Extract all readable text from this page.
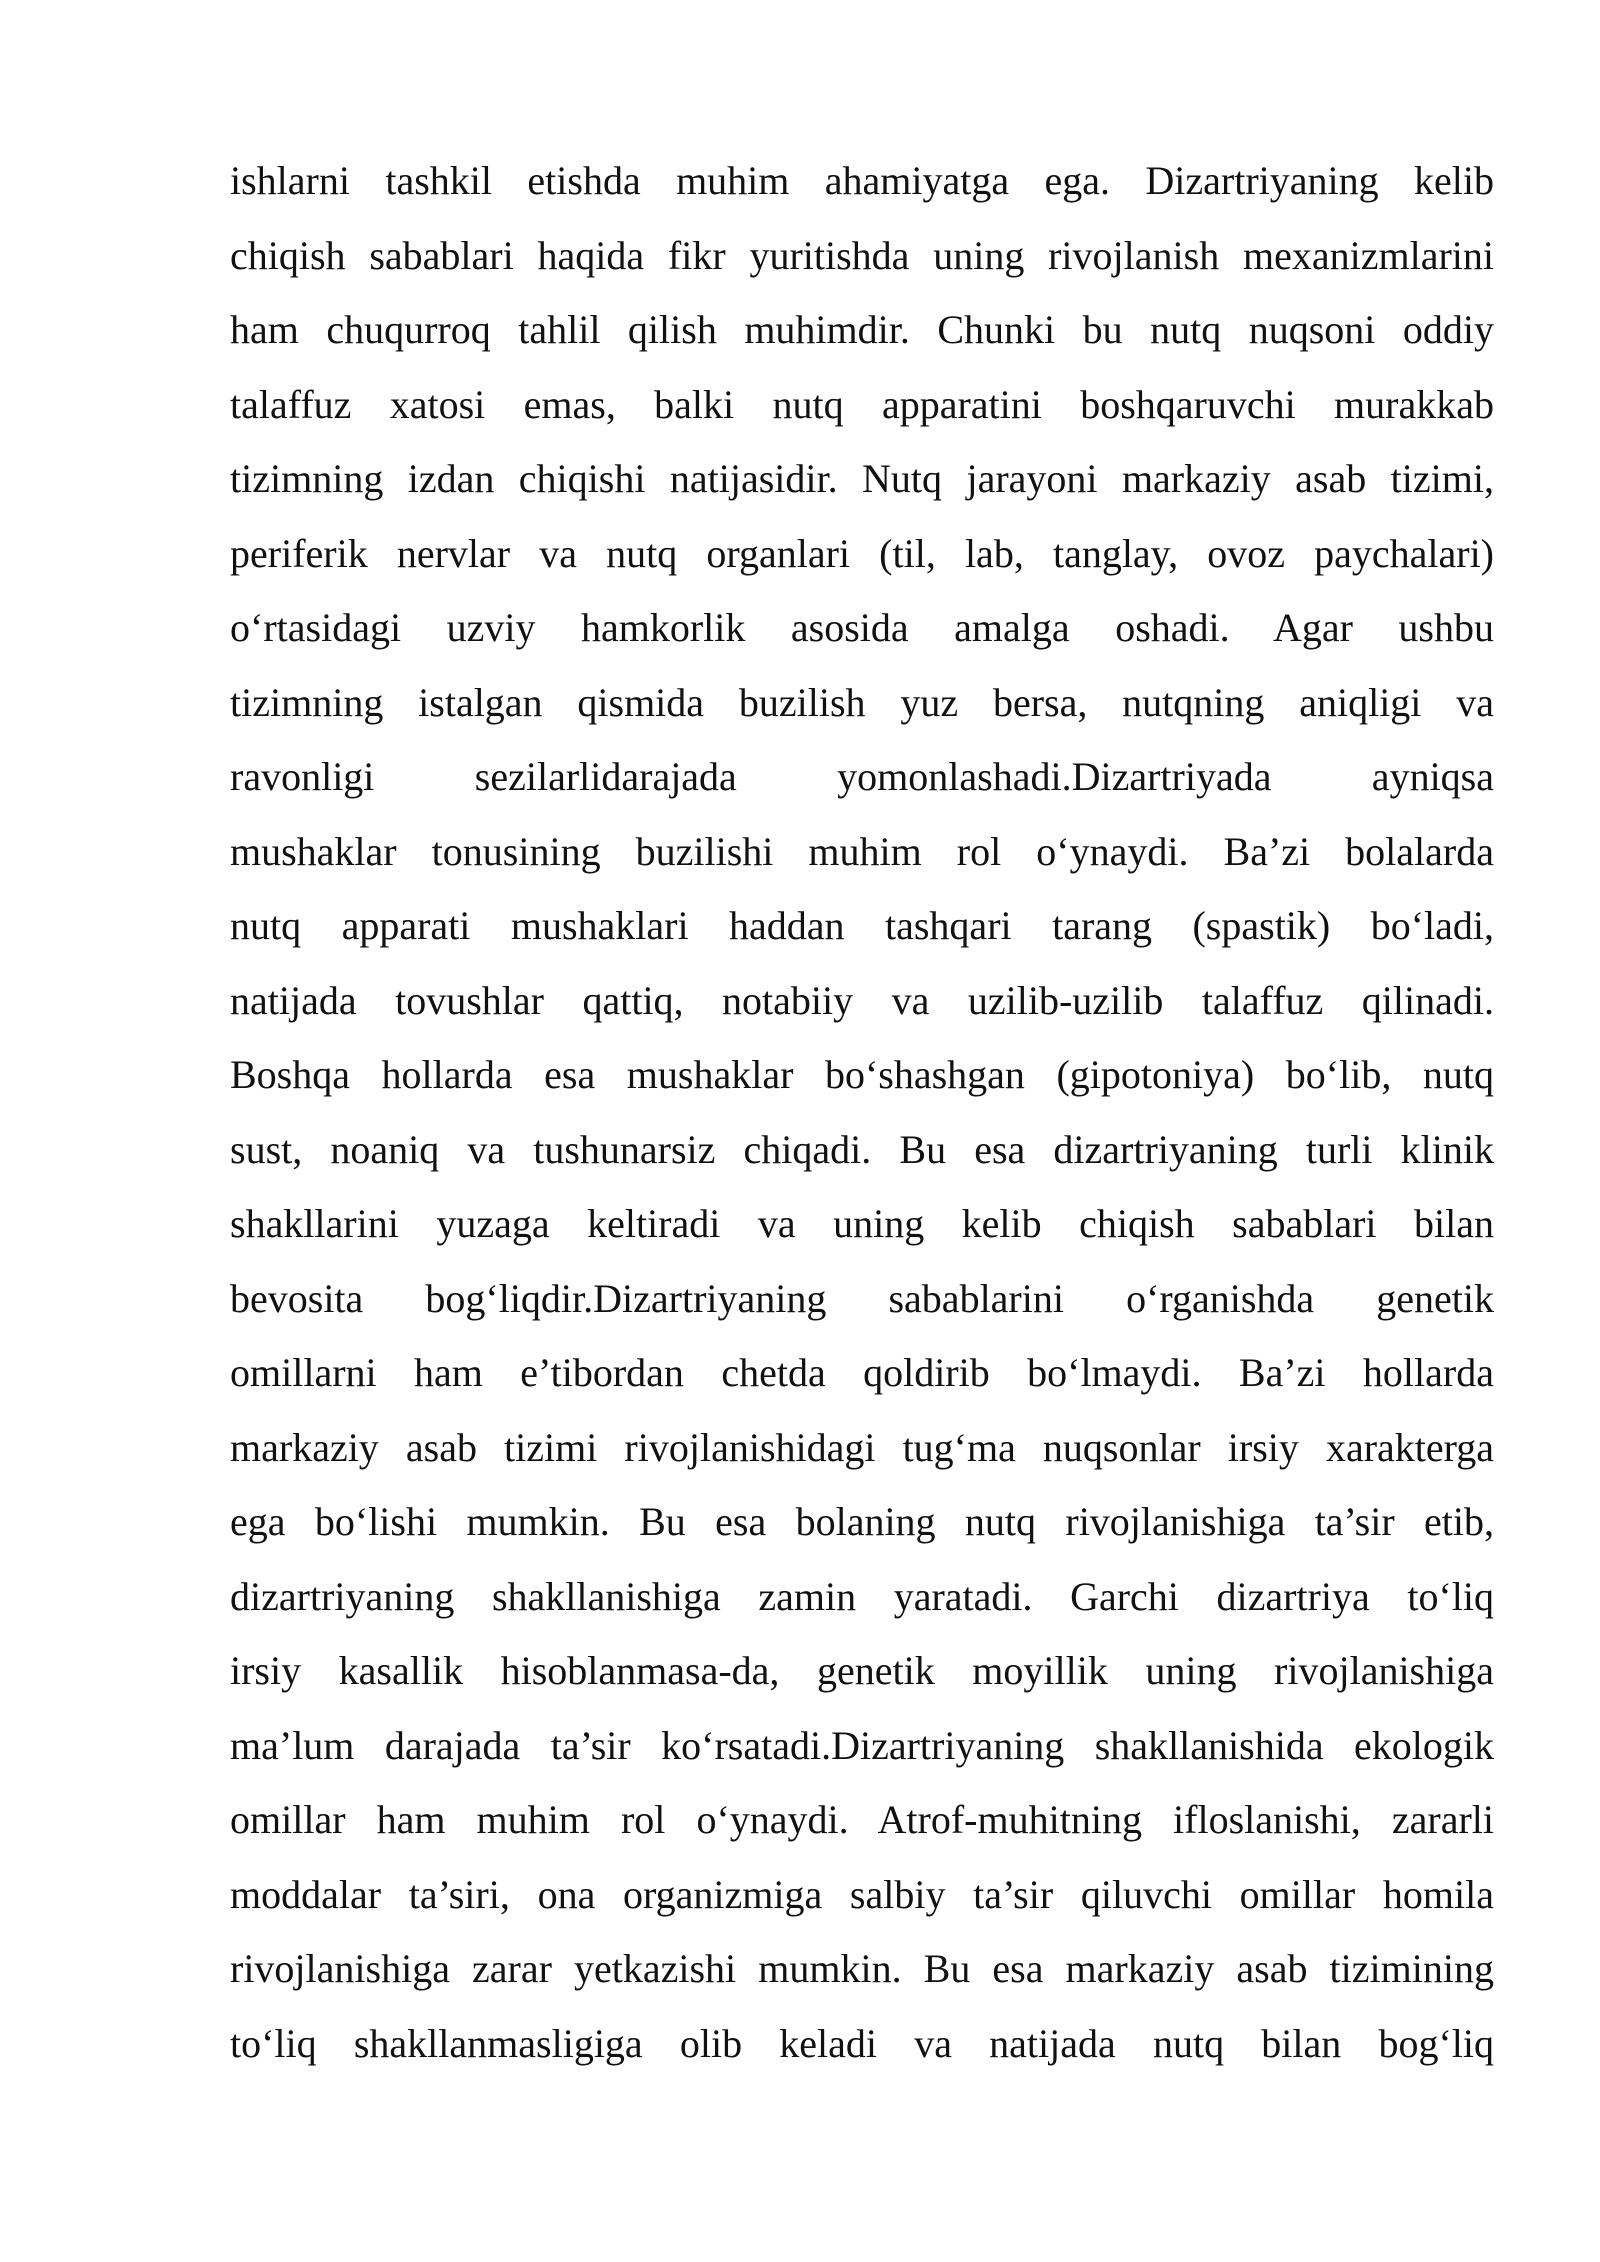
ishlarni tashkil etishda muhim ahamiyatga ega. Dizartriyaning kelib
chiqish sabablari haqida fikr yuritishda uning rivojlanish mexanizmlarini
ham chuqurroq tahlil qilish muhimdir. Chunki bu nutq nuqsoni oddiy
talaffuz xatosi emas, balki nutq apparatini boshqaruvchi murakkab
tizimning izdan chiqishi natijasidir. Nutq jarayoni markaziy asab tizimi,
periferik nervlar va nutq organlari (til, lab, tanglay, ovoz paychalari)
o‘rtasidagi uzviy hamkorlik asosida amalga oshadi. Agar ushbu
tizimning istalgan qismida buzilish yuz bersa, nutqning aniqligi va
ravonligi sezilarlidarajada yomonlashadi.Dizartriyada ayniqsa
mushaklar tonusining buzilishi muhim rol o‘ynaydi. Ba’zi bolalarda
nutq apparati mushaklari haddan tashqari tarang (spastik) bo‘ladi,
natijada tovushlar qattiq, notabiiy va uzilib-uzilib talaffuz qilinadi.
Boshqa hollarda esa mushaklar bo‘shashgan (gipotoniya) bo‘lib, nutq
sust, noaniq va tushunarsiz chiqadi. Bu esa dizartriyaning turli klinik
shakllarini yuzaga keltiradi va uning kelib chiqish sabablari bilan
bevosita bog‘liqdir.Dizartriyaning sabablarini o‘rganishda genetik
omillarni ham e’tibordan chetda qoldirib bo‘lmaydi. Ba’zi hollarda
markaziy asab tizimi rivojlanishidagi tug‘ma nuqsonlar irsiy xarakterga
ega bo‘lishi mumkin. Bu esa bolaning nutq rivojlanishiga ta’sir etib,
dizartriyaning shakllanishiga zamin yaratadi. Garchi dizartriya to‘liq
irsiy kasallik hisoblanmasa-da, genetik moyillik uning rivojlanishiga
ma’lum darajada ta’sir ko‘rsatadi.Dizartriyaning shakllanishida ekologik
omillar ham muhim rol o‘ynaydi. Atrof-muhitning ifloslanishi, zararli
moddalar ta’siri, ona organizmiga salbiy ta’sir qiluvchi omillar homila
rivojlanishiga zarar yetkazishi mumkin. Bu esa markaziy asab tizimining
to‘liq shakllanmasligiga olib keladi va natijada nutq bilan bog‘liq
